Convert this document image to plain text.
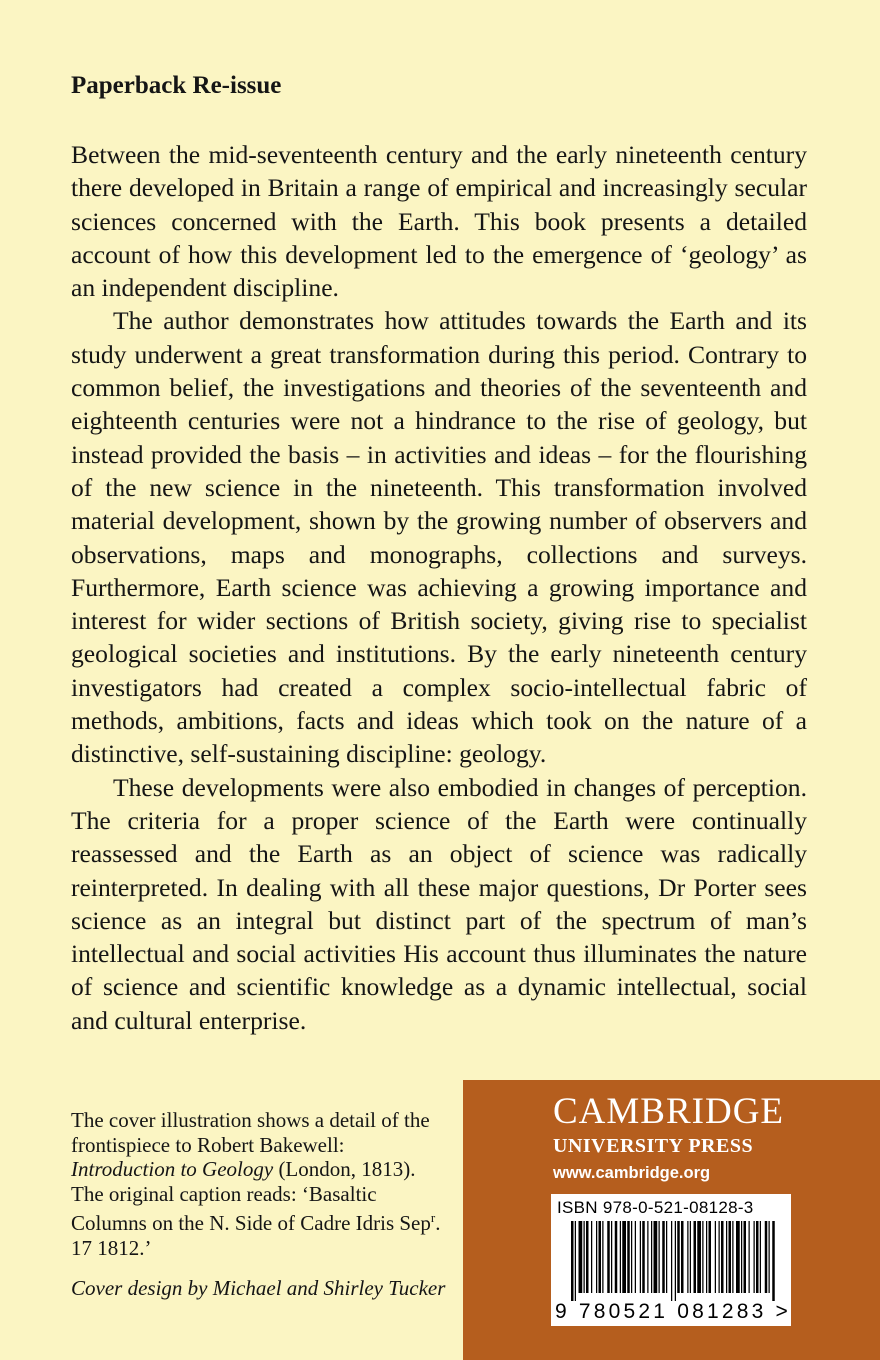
Paperback Re-issue

Between the mid-seventeenth century and the early nineteenth century there developed in Britain a range of empirical and increasingly secular sciences concerned with the Earth. This book presents a detailed account of how this development led to the emergence of ‘geology’ as an independent discipline.

The author demonstrates how attitudes towards the Earth and its study underwent a great transformation during this period. Contrary to common belief, the investigations and theories of the seventeenth and eighteenth centuries were not a hindrance to the rise of geology, but instead provided the basis – in activities and ideas – for the flourishing of the new science in the nineteenth. This transformation involved material development, shown by the growing number of observers and observations, maps and monographs, collections and surveys. Furthermore, Earth science was achieving a growing importance and interest for wider sections of British society, giving rise to specialist geological societies and institutions. By the early nineteenth century investigators had created a complex socio-intellectual fabric of methods, ambitions, facts and ideas which took on the nature of a distinctive, self-sustaining discipline: geology.

These developments were also embodied in changes of perception. The criteria for a proper science of the Earth were continually reassessed and the Earth as an object of science was radically reinterpreted. In dealing with all these major questions, Dr Porter sees science as an integral but distinct part of the spectrum of man’s intellectual and social activities His account thus illuminates the nature of science and scientific knowledge as a dynamic intellectual, social and cultural enterprise.

The cover illustration shows a detail of the frontispiece to Robert Bakewell: Introduction to Geology (London, 1813). The original caption reads: ‘Basaltic Columns on the N. Side of Cadre Idris Sep$^r$. 17 1812.’

Cover design by Michael and Shirley Tucker

CAMBRIDGE
UNIVERSITY PRESS
www.cambridge.org
ISBN 978-0-521-08128-3
9 780521 081283 >
